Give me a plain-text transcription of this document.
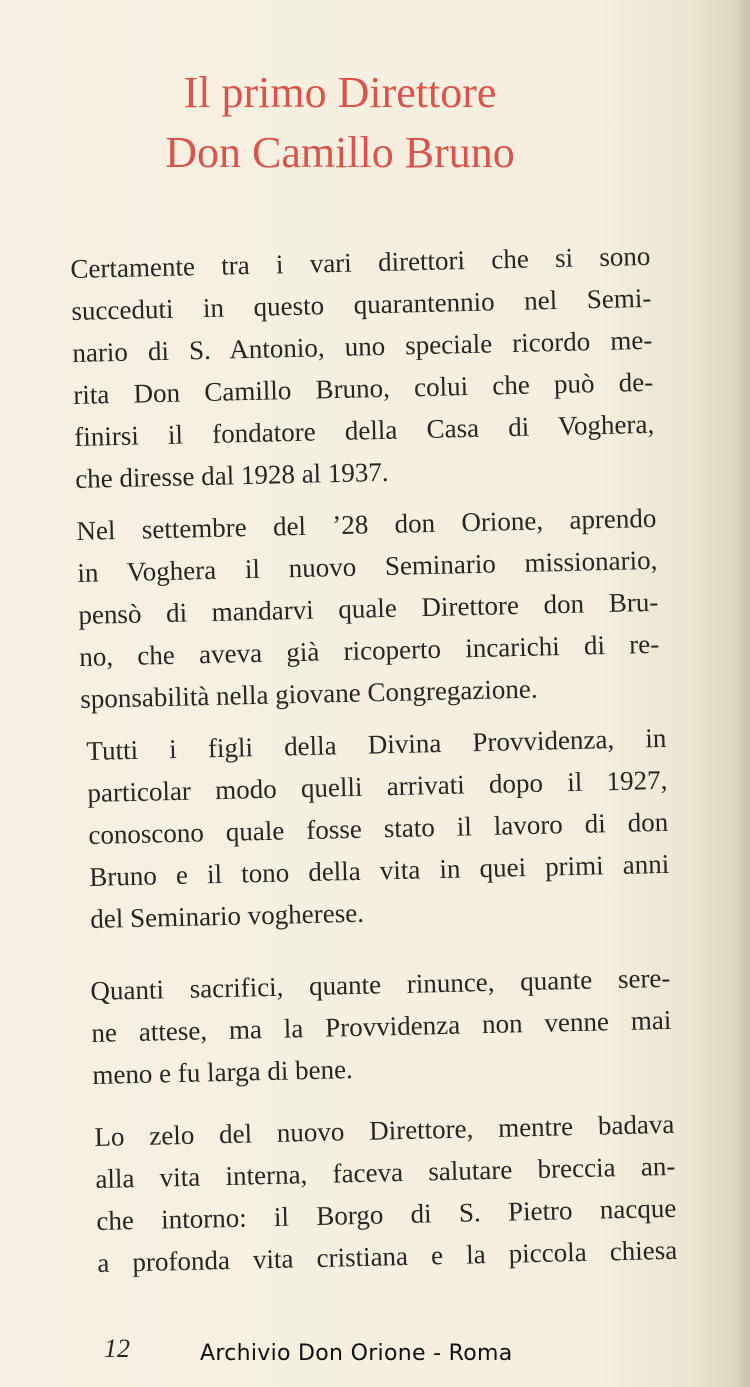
Il primo Direttore
Don Camillo Bruno
Certamente tra i vari direttori che si sono
succeduti in questo quarantennio nel Semi-
nario di S. Antonio, uno speciale ricordo me-
rita Don Camillo Bruno, colui che può de-
finirsi il fondatore della Casa di Voghera,
che diresse dal 1928 al 1937.
Nel settembre del ’28 don Orione, aprendo
in Voghera il nuovo Seminario missionario,
pensò di mandarvi quale Direttore don Bru-
no, che aveva già ricoperto incarichi di re-
sponsabilità nella giovane Congregazione.
Tutti i figli della Divina Provvidenza, in
particolar modo quelli arrivati dopo il 1927,
conoscono quale fosse stato il lavoro di don
Bruno e il tono della vita in quei primi anni
del Seminario vogherese.
Quanti sacrifici, quante rinunce, quante sere-
ne attese, ma la Provvidenza non venne mai
meno e fu larga di bene.
Lo zelo del nuovo Direttore, mentre badava
alla vita interna, faceva salutare breccia an-
che intorno: il Borgo di S. Pietro nacque
a profonda vita cristiana e la piccola chiesa
12	Archivio Don Orione - Roma
